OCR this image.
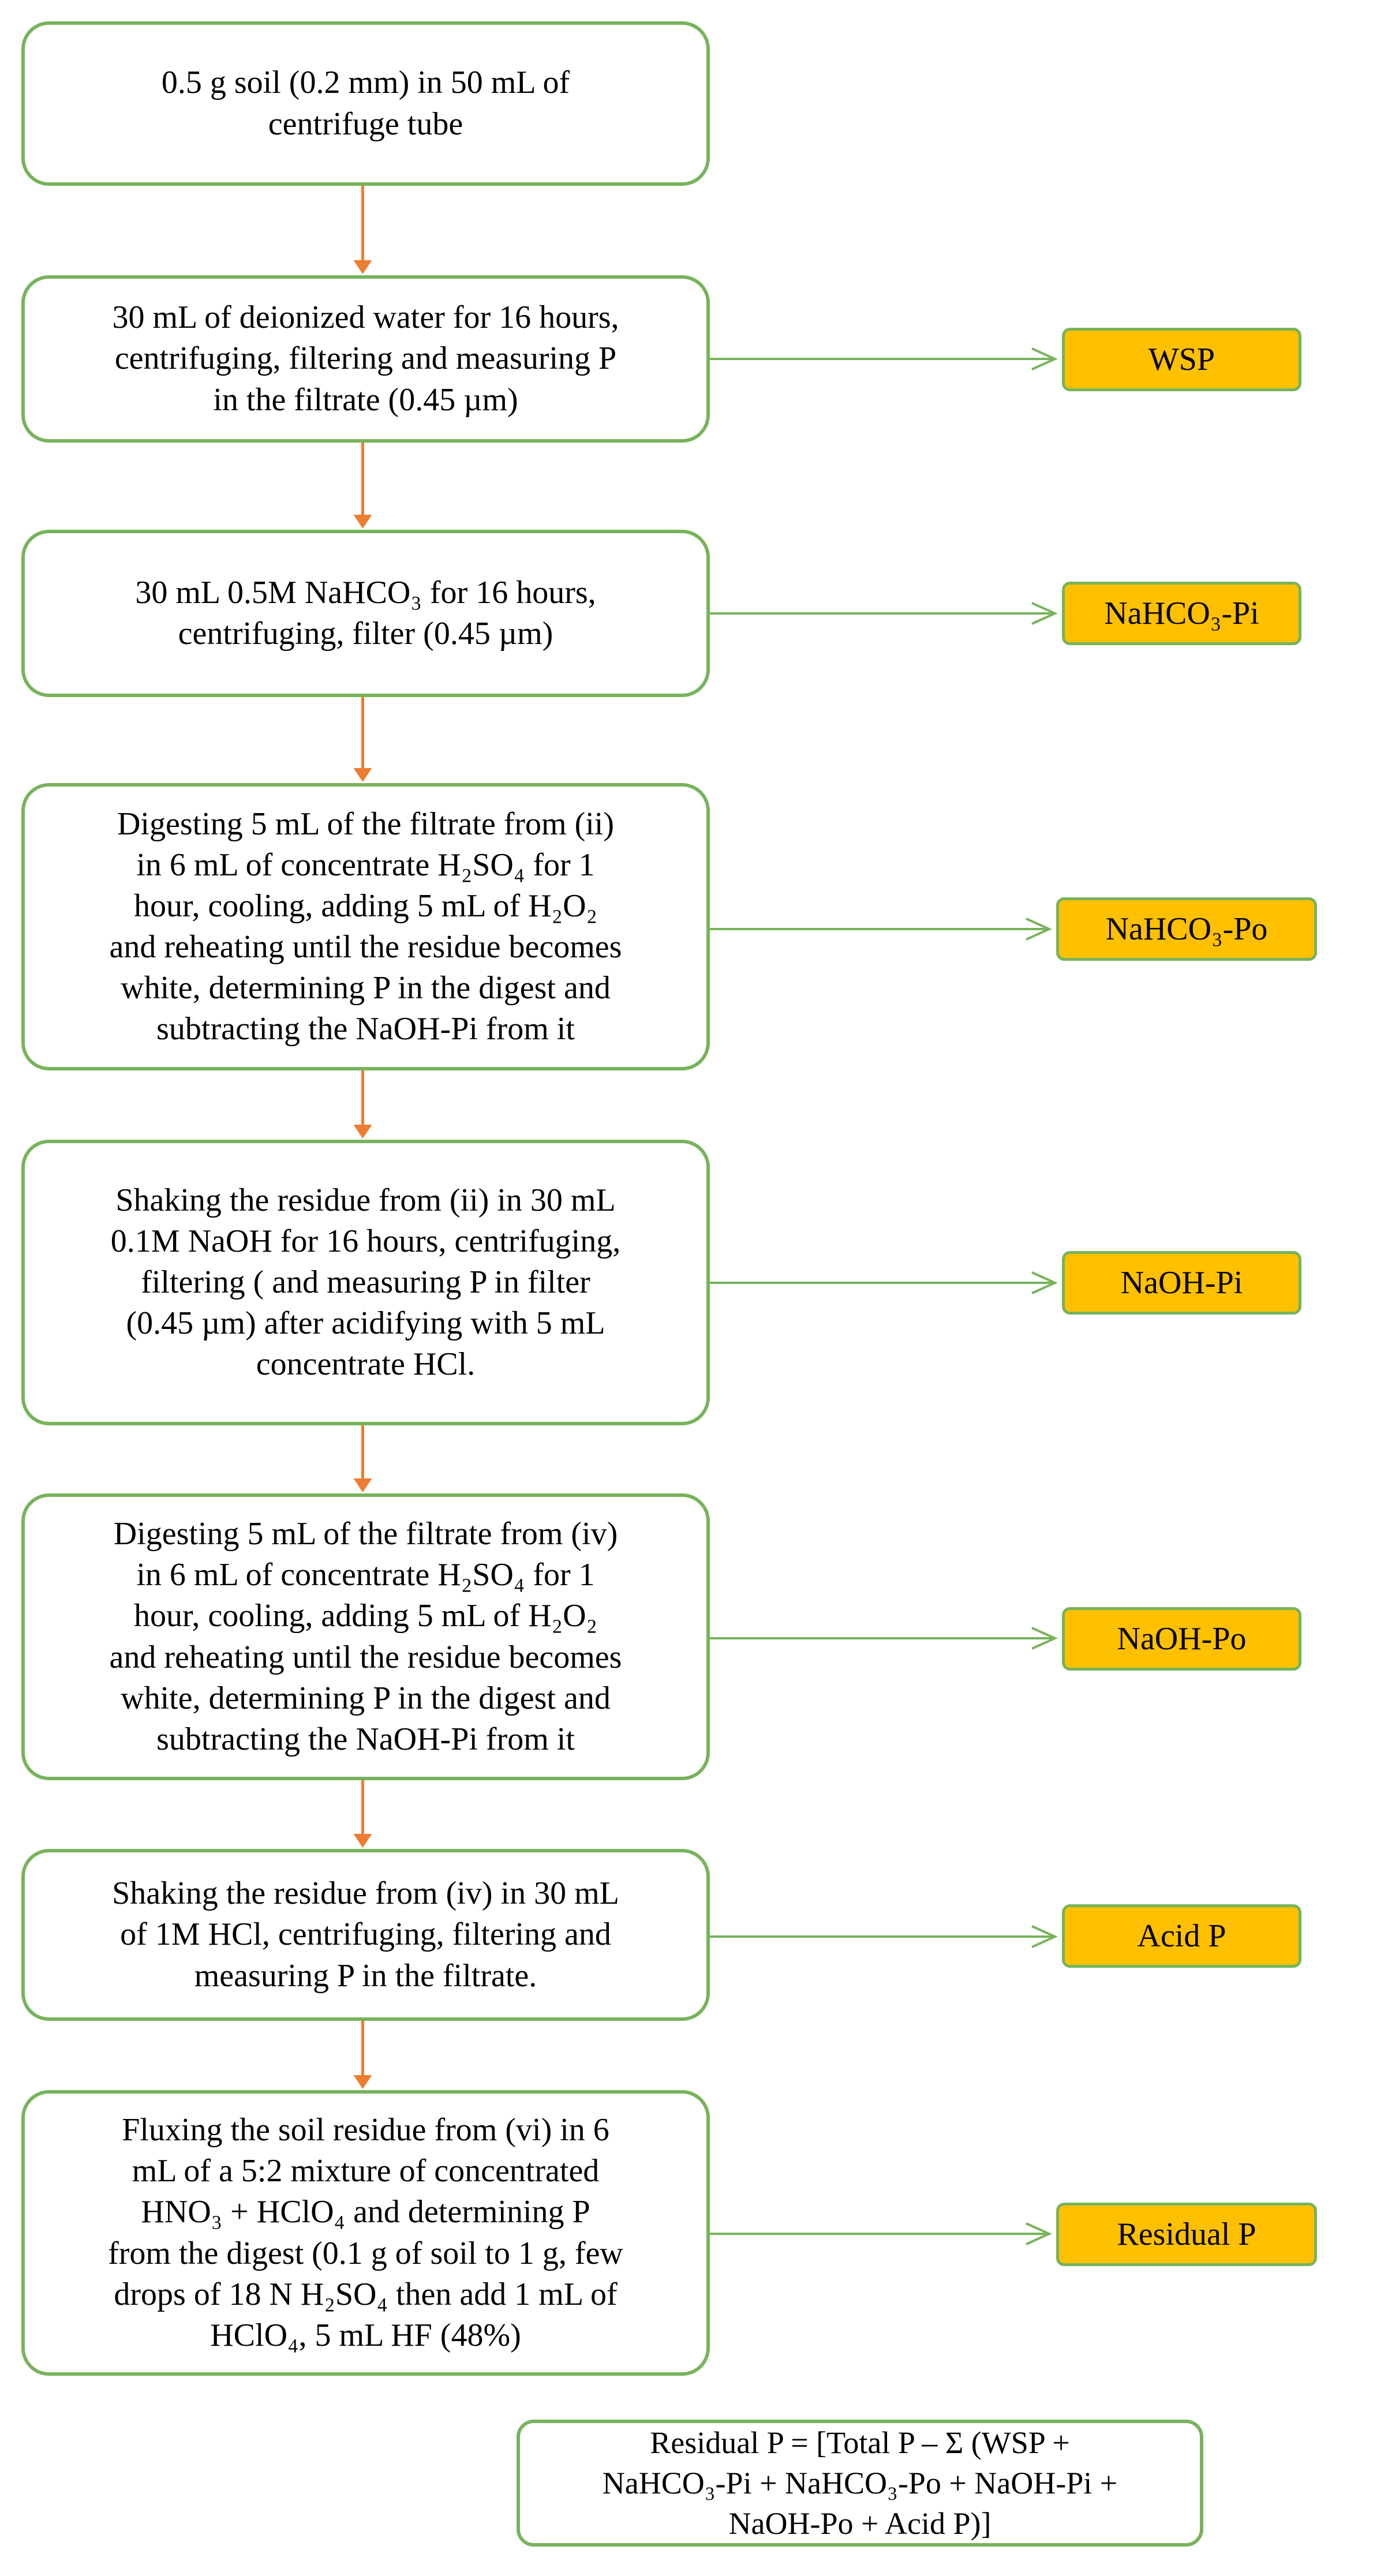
0.5 g soil (0.2 mm) in 50 mL of
centrifuge tube
30 mL of deionized water for 16 hours,
centrifuging, filtering and measuring P
in the filtrate (0.45 µm)
30 mL 0.5M NaHCO₃ for 16 hours,
centrifuging, filter (0.45 µm)
Digesting 5 mL of the filtrate from (ii)
in 6 mL of concentrate H₂SO₄ for 1
hour, cooling, adding 5 mL of H₂O₂
and reheating until the residue becomes
white, determining P in the digest and
subtracting the NaOH-Pi from it
Shaking the residue from (ii) in 30 mL
0.1M NaOH for 16 hours, centrifuging,
filtering ( and measuring P in filter
(0.45 µm) after acidifying with 5 mL
concentrate HCl.
Digesting 5 mL of the filtrate from (iv)
in 6 mL of concentrate H₂SO₄ for 1
hour, cooling, adding 5 mL of H₂O₂
and reheating until the residue becomes
white, determining P in the digest and
subtracting the NaOH-Pi from it
Shaking the residue from (iv) in 30 mL
of 1M HCl, centrifuging, filtering and
measuring P in the filtrate.
Fluxing the soil residue from (vi) in 6
mL of a 5:2 mixture of concentrated
HNO₃ + HClO₄ and determining P
from the digest (0.1 g of soil to 1 g, few
drops of 18 N H₂SO₄ then add 1 mL of
HClO₄, 5 mL HF (48%)
WSP
NaHCO₃-Pi
NaHCO₃-Po
NaOH-Pi
NaOH-Po
Acid P
Residual P
Residual P = [Total P – Σ (WSP +
NaHCO₃-Pi + NaHCO₃-Po + NaOH-Pi +
NaOH-Po + Acid P)]
